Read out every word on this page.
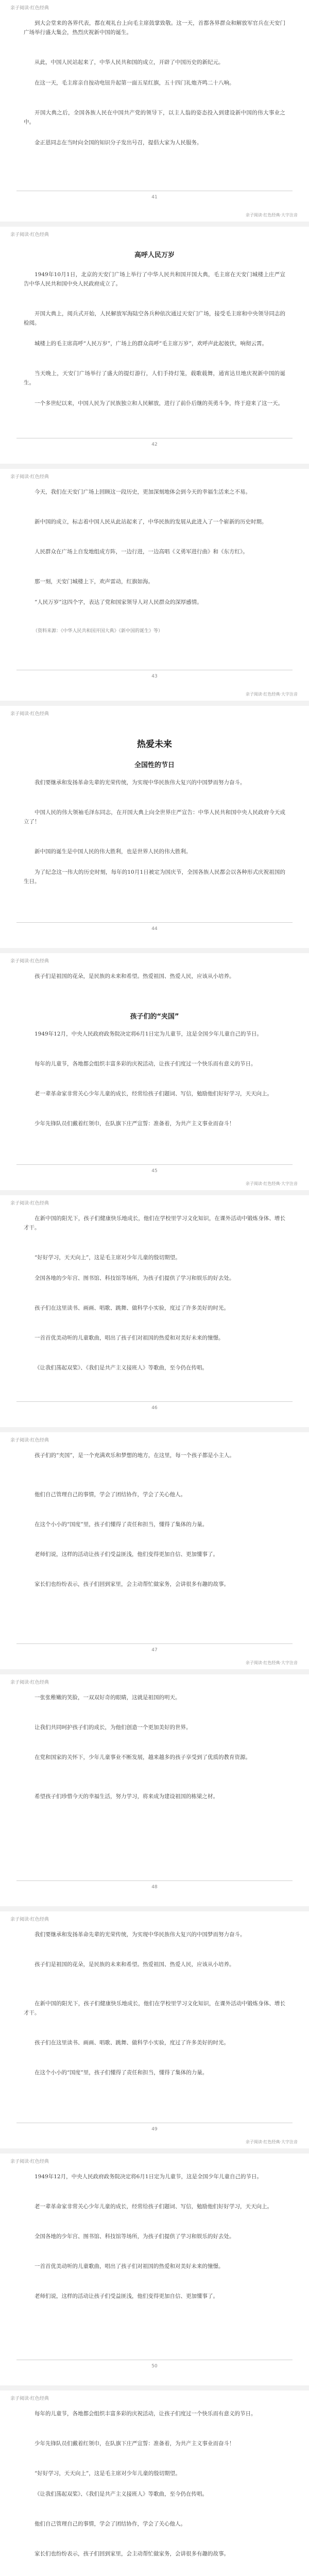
亲子阅读·红色经典

到大会堂来的各界代表，都在观礼台上向毛主席鼓掌致敬。这一天，首都各界群众和解放军官兵在天安门广场举行盛大集会，热烈庆祝新中国的诞生。

从此，中国人民站起来了，中华人民共和国的成立，开辟了中国历史的新纪元。

在这一天，毛主席亲自按动电钮升起第一面五星红旗，五十四门礼炮齐鸣二十八响。

开国大典之后，全国各族人民在中国共产党的领导下，以主人翁的姿态投入到建设新中国的伟大事业之中。

金正恩同志在当时向全国的知识分子发出号召，提倡大家为人民服务。

41
亲子阅读·红色经典·大字注音
亲子阅读·红色经典
高呼人民万岁

1949年10月1日，北京的天安门广场上举行了中华人民共和国开国大典，毛主席在天安门城楼上庄严宣告中华人民共和国中央人民政府成立了。

开国大典上，阅兵式开始，人民解放军海陆空各兵种依次通过天安门广场，接受毛主席和中央领导同志的检阅。

城楼上的毛主席高呼“人民万岁”，广场上的群众高呼“毛主席万岁”，欢呼声此起彼伏，响彻云霄。

当天晚上，天安门广场举行了盛大的提灯游行，人们手持灯笼，载歌载舞，通宵达旦地庆祝新中国的诞生。

一个多世纪以来，中国人民为了民族独立和人民解放，进行了前仆后继的英勇斗争，终于迎来了这一天。

42
亲子阅读·红色经典

今天，我们在天安门广场上回顾这一段历史，更加深刻地体会到今天的幸福生活来之不易。

新中国的成立，标志着中国人民从此站起来了，中华民族的发展从此进入了一个崭新的历史时期。

人民群众在广场上自发地组成方阵，一边行进，一边高唱《义勇军进行曲》和《东方红》。

那一刻，天安门城楼上下，欢声雷动，红旗如海。

“人民万岁”这四个字，表达了党和国家领导人对人民群众的深厚感情。

（资料来源：《中华人民共和国开国大典》《新中国的诞生》等）

43
亲子阅读·红色经典·大字注音
亲子阅读·红色经典
热爱未来
全国性的节日

我们要继承和发扬革命先辈的光荣传统，为实现中华民族伟大复兴的中国梦而努力奋斗。

中国人民的伟大领袖毛泽东同志，在开国大典上向全世界庄严宣告：中华人民共和国中央人民政府今天成立了！

新中国的诞生是中国人民的伟大胜利，也是世界人民的伟大胜利。

为了纪念这一伟大的历史时刻，每年的10月1日被定为国庆节，全国各族人民都会以各种形式庆祝祖国的生日。

44
亲子阅读·红色经典

孩子们是祖国的花朵，是民族的未来和希望。热爱祖国、热爱人民，应该从小培养。

孩子们的“夹国”

1949年12月，中央人民政府政务院决定将6月1日定为儿童节，这是全国少年儿童自己的节日。

每年的儿童节，各地都会组织丰富多彩的庆祝活动，让孩子们度过一个快乐而有意义的节日。

老一辈革命家非常关心少年儿童的成长，经常给孩子们题词、写信，勉励他们好好学习，天天向上。

少年先锋队员们戴着红领巾，在队旗下庄严宣誓：准备着，为共产主义事业而奋斗！

45
亲子阅读·红色经典·大字注音
亲子阅读·红色经典

在新中国的阳光下，孩子们健康快乐地成长，他们在学校里学习文化知识，在课外活动中锻炼身体、增长才干。

“好好学习，天天向上”，这是毛主席对少年儿童的殷切期望。

全国各地的少年宫、图书馆、科技馆等场所，为孩子们提供了学习和娱乐的好去处。

孩子们在这里读书、画画、唱歌、跳舞、做科学小实验，度过了许多美好的时光。

一首首优美动听的儿童歌曲，唱出了孩子们对祖国的热爱和对美好未来的憧憬。

《让我们荡起双桨》、《我们是共产主义接班人》等歌曲，至今仍在传唱。

46
亲子阅读·红色经典

孩子们的“夹国”，是一个充满欢乐和梦想的地方，在这里，每一个孩子都是小主人。

他们自己管理自己的事情，学会了团结协作，学会了关心他人。

在这个小小的“国度”里，孩子们懂得了责任和担当，懂得了集体的力量。

老师们说，这样的活动让孩子们受益匪浅，他们变得更加自信、更加懂事了。

家长们也纷纷表示，孩子们回到家里，会主动帮忙做家务，会讲很多有趣的故事。

47
亲子阅读·红色经典·大字注音
亲子阅读·红色经典

一张张稚嫩的笑脸，一双双好奇的眼睛，这就是祖国的明天。

让我们共同呵护孩子们的成长，为他们创造一个更加美好的世界。

在党和国家的关怀下，少年儿童事业不断发展，越来越多的孩子享受到了优质的教育资源。

希望孩子们珍惜今天的幸福生活，努力学习，将来成为建设祖国的栋梁之材。

48
亲子阅读·红色经典

我们要继承和发扬革命先辈的光荣传统，为实现中华民族伟大复兴的中国梦而努力奋斗。

孩子们是祖国的花朵，是民族的未来和希望。热爱祖国、热爱人民，应该从小培养。

在新中国的阳光下，孩子们健康快乐地成长，他们在学校里学习文化知识，在课外活动中锻炼身体、增长才干。

孩子们在这里读书、画画、唱歌、跳舞、做科学小实验，度过了许多美好的时光。

在这个小小的“国度”里，孩子们懂得了责任和担当，懂得了集体的力量。

49
亲子阅读·红色经典·大字注音
亲子阅读·红色经典

1949年12月，中央人民政府政务院决定将6月1日定为儿童节，这是全国少年儿童自己的节日。

老一辈革命家非常关心少年儿童的成长，经常给孩子们题词、写信，勉励他们好好学习，天天向上。

全国各地的少年宫、图书馆、科技馆等场所，为孩子们提供了学习和娱乐的好去处。

一首首优美动听的儿童歌曲，唱出了孩子们对祖国的热爱和对美好未来的憧憬。

老师们说，这样的活动让孩子们受益匪浅，他们变得更加自信、更加懂事了。

50
亲子阅读·红色经典

每年的儿童节，各地都会组织丰富多彩的庆祝活动，让孩子们度过一个快乐而有意义的节日。

少年先锋队员们戴着红领巾，在队旗下庄严宣誓：准备着，为共产主义事业而奋斗！

“好好学习，天天向上”，这是毛主席对少年儿童的殷切期望。

《让我们荡起双桨》、《我们是共产主义接班人》等歌曲，至今仍在传唱。

他们自己管理自己的事情，学会了团结协作，学会了关心他人。

家长们也纷纷表示，孩子们回到家里，会主动帮忙做家务，会讲很多有趣的故事。
